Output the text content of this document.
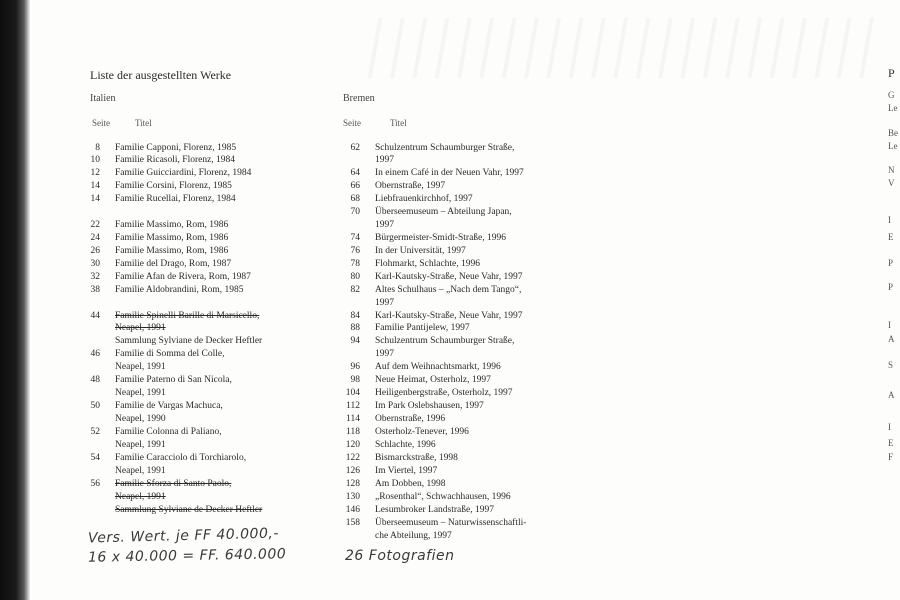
Liste der ausgestellten Werke
Italien
Seite	Titel
8 Familie Capponi, Florenz, 1985
10 Familie Ricasoli, Florenz, 1984
12 Familie Guicciardini, Florenz, 1984
14 Familie Corsini, Florenz, 1985
14 Familie Rucellai, Florenz, 1984
22 Familie Massimo, Rom, 1986
24 Familie Massimo, Rom, 1986
26 Familie Massimo, Rom, 1986
30 Familie del Drago, Rom, 1987
32 Familie Afan de Rivera, Rom, 1987
38 Familie Aldobrandini, Rom, 1985
44 Familie Spinelli Barille di Marsicello,
Neapel, 1991
Sammlung Sylviane de Decker Heftler
46 Familie di Somma del Colle,
Neapel, 1991
48 Familie Paterno di San Nicola,
Neapel, 1991
50 Familie de Vargas Machuca,
Neapel, 1990
52 Familie Colonna di Paliano,
Neapel, 1991
54 Familie Caracciolo di Torchiarolo,
Neapel, 1991
56 Familie Sforza di Santo Paolo,
Neapel, 1991
Sammlung Sylviane de Decker Heftler
Bremen
Seite	Titel
62 Schulzentrum Schaumburger Straße,
1997
64 In einem Café in der Neuen Vahr, 1997
66 Obernstraße, 1997
68 Liebfrauenkirchhof, 1997
70 Überseemuseum – Abteilung Japan,
1997
74 Bürgermeister-Smidt-Straße, 1996
76 In der Universität, 1997
78 Flohmarkt, Schlachte, 1996
80 Karl-Kautsky-Straße, Neue Vahr, 1997
82 Altes Schulhaus – „Nach dem Tango“,
1997
84 Karl-Kautsky-Straße, Neue Vahr, 1997
88 Familie Pantijelew, 1997
94 Schulzentrum Schaumburger Straße,
1997
96 Auf dem Weihnachtsmarkt, 1996
98 Neue Heimat, Osterholz, 1997
104 Heiligenbergstraße, Osterholz, 1997
112 Im Park Oslebshausen, 1997
114 Obernstraße, 1996
118 Osterholz-Tenever, 1996
120 Schlachte, 1996
122 Bismarckstraße, 1998
126 Im Viertel, 1997
128 Am Dobben, 1998
130 „Rosenthal“, Schwachhausen, 1996
146 Lesumbroker Landstraße, 1997
158 Überseemuseum – Naturwissenschaftli-
che Abteilung, 1997
Vers. Wert. je FF 40.000,-
16 x 40.000 = FF. 640.000	26 Fotografien
P
G
Le
Be
Le
N
V
I
E
P
P
I
A
S
A
I
E
F
